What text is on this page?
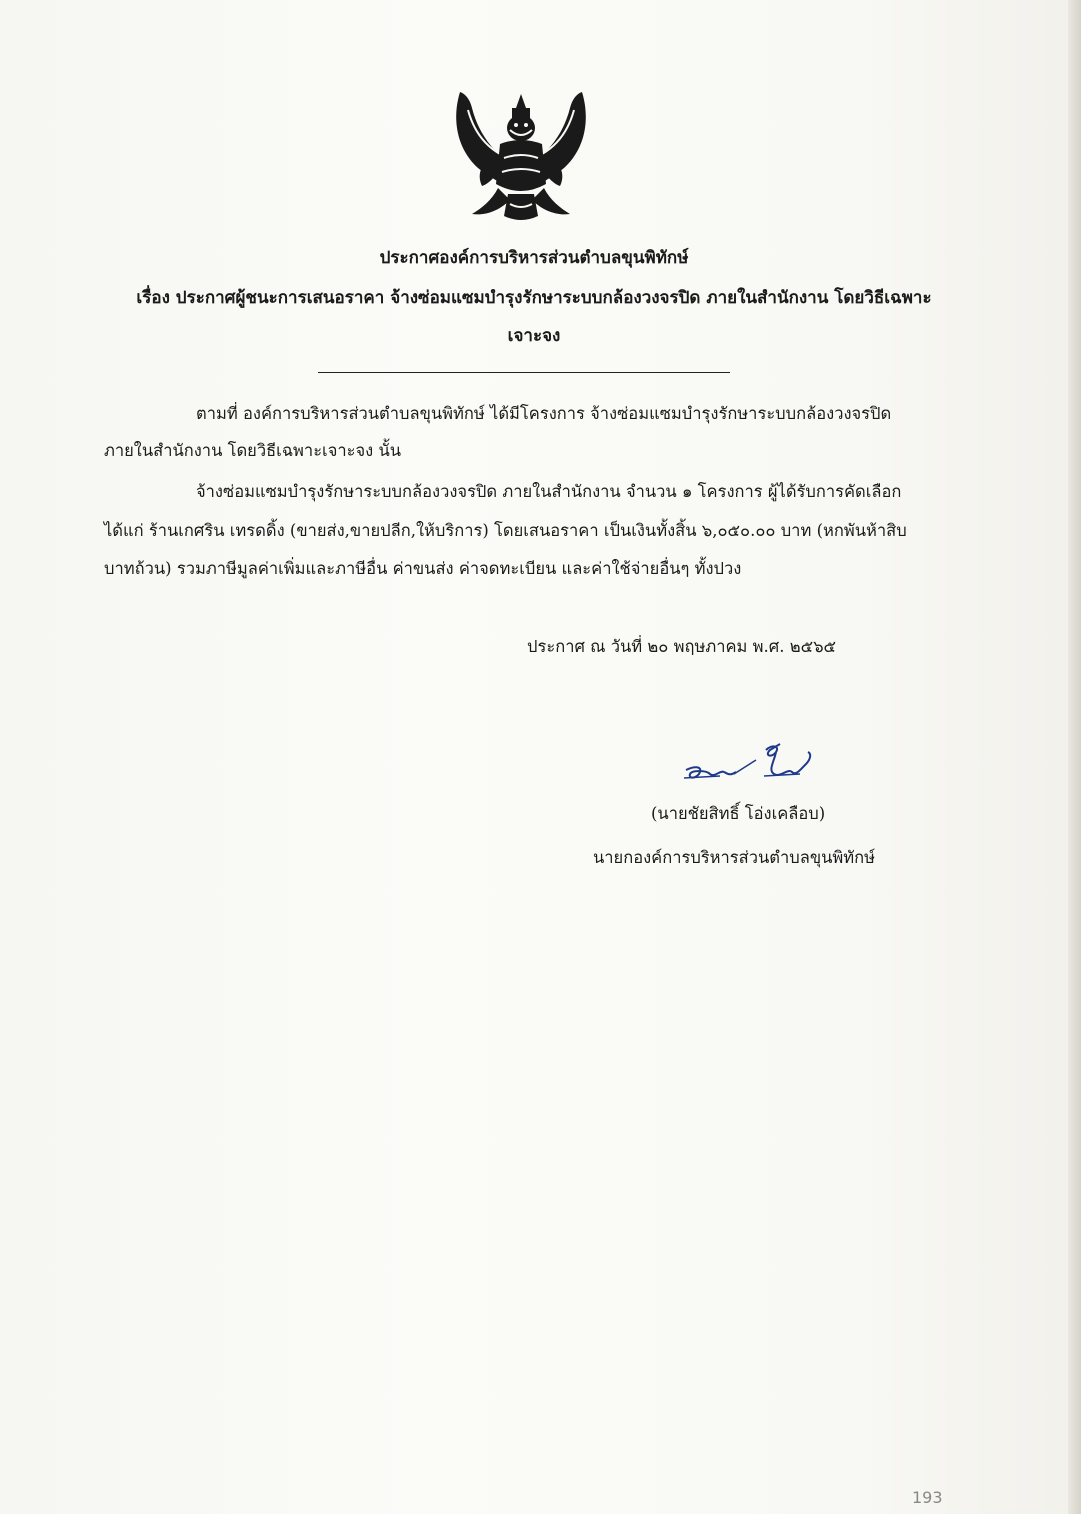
ประกาศองค์การบริหารส่วนตำบลขุนพิทักษ์
เรื่อง ประกาศผู้ชนะการเสนอราคา จ้างซ่อมแซมบำรุงรักษาระบบกล้องวงจรปิด ภายในสำนักงาน โดยวิธีเฉพาะ
เจาะจง
ตามที่ องค์การบริหารส่วนตำบลขุนพิทักษ์ ได้มีโครงการ จ้างซ่อมแซมบำรุงรักษาระบบกล้องวงจรปิด
ภายในสำนักงาน โดยวิธีเฉพาะเจาะจง นั้น
จ้างซ่อมแซมบำรุงรักษาระบบกล้องวงจรปิด ภายในสำนักงาน จำนวน ๑ โครงการ ผู้ได้รับการคัดเลือก
ได้แก่ ร้านเกศริน เทรดดิ้ง (ขายส่ง,ขายปลีก,ให้บริการ) โดยเสนอราคา เป็นเงินทั้งสิ้น ๖,๐๕๐.๐๐ บาท (หกพันห้าสิบ
บาทถ้วน) รวมภาษีมูลค่าเพิ่มและภาษีอื่น ค่าขนส่ง ค่าจดทะเบียน และค่าใช้จ่ายอื่นๆ ทั้งปวง
ประกาศ ณ วันที่ ๒๐ พฤษภาคม พ.ศ. ๒๕๖๕
(นายชัยสิทธิ์ โอ่งเคลือบ)
นายกองค์การบริหารส่วนตำบลขุนพิทักษ์
193
